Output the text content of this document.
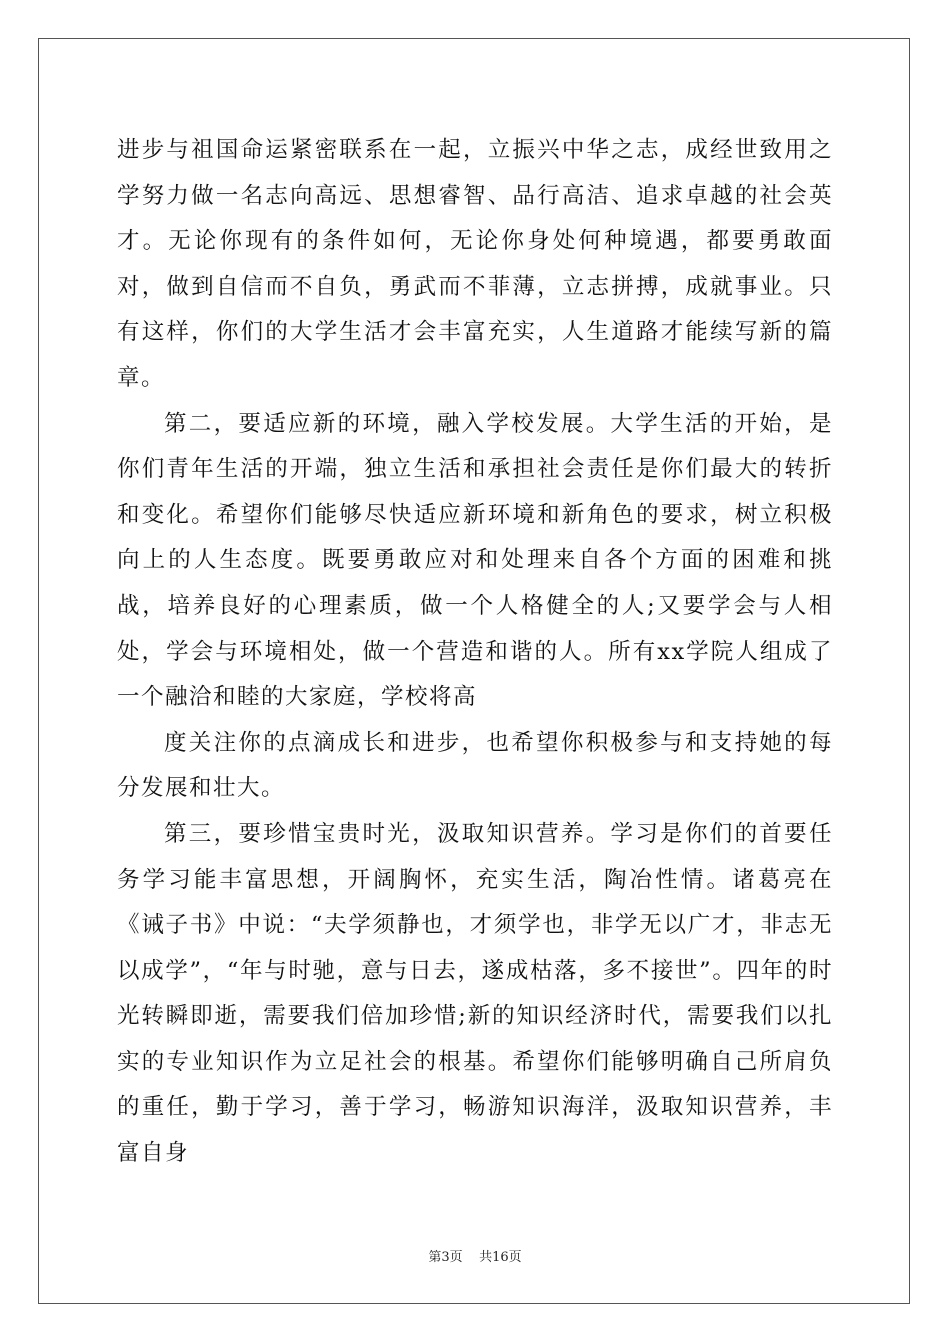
进步与祖国命运紧密联系在一起，立振兴中华之志，成经世致用之学努力做一名志向高远、思想睿智、品行高洁、追求卓越的社会英才。无论你现有的条件如何，无论你身处何种境遇，都要勇敢面对，做到自信而不自负，勇武而不菲薄，立志拼搏，成就事业。只有这样，你们的大学生活才会丰富充实，人生道路才能续写新的篇章。

第二，要适应新的环境，融入学校发展。大学生活的开始，是你们青年生活的开端，独立生活和承担社会责任是你们最大的转折和变化。希望你们能够尽快适应新环境和新角色的要求，树立积极向上的人生态度。既要勇敢应对和处理来自各个方面的困难和挑战，培养良好的心理素质，做一个人格健全的人;又要学会与人相处，学会与环境相处，做一个营造和谐的人。所有xx学院人组成了一个融洽和睦的大家庭，学校将高

度关注你的点滴成长和进步，也希望你积极参与和支持她的每分发展和壮大。

第三，要珍惜宝贵时光，汲取知识营养。学习是你们的首要任务学习能丰富思想，开阔胸怀，充实生活，陶冶性情。诸葛亮在《诫子书》中说：“夫学须静也，才须学也，非学无以广才，非志无以成学”，“年与时驰，意与日去，遂成枯落，多不接世”。四年的时光转瞬即逝，需要我们倍加珍惜;新的知识经济时代，需要我们以扎实的专业知识作为立足社会的根基。希望你们能够明确自己所肩负的重任，勤于学习，善于学习，畅游知识海洋，汲取知识营养，丰富自身

第3页 共16页
